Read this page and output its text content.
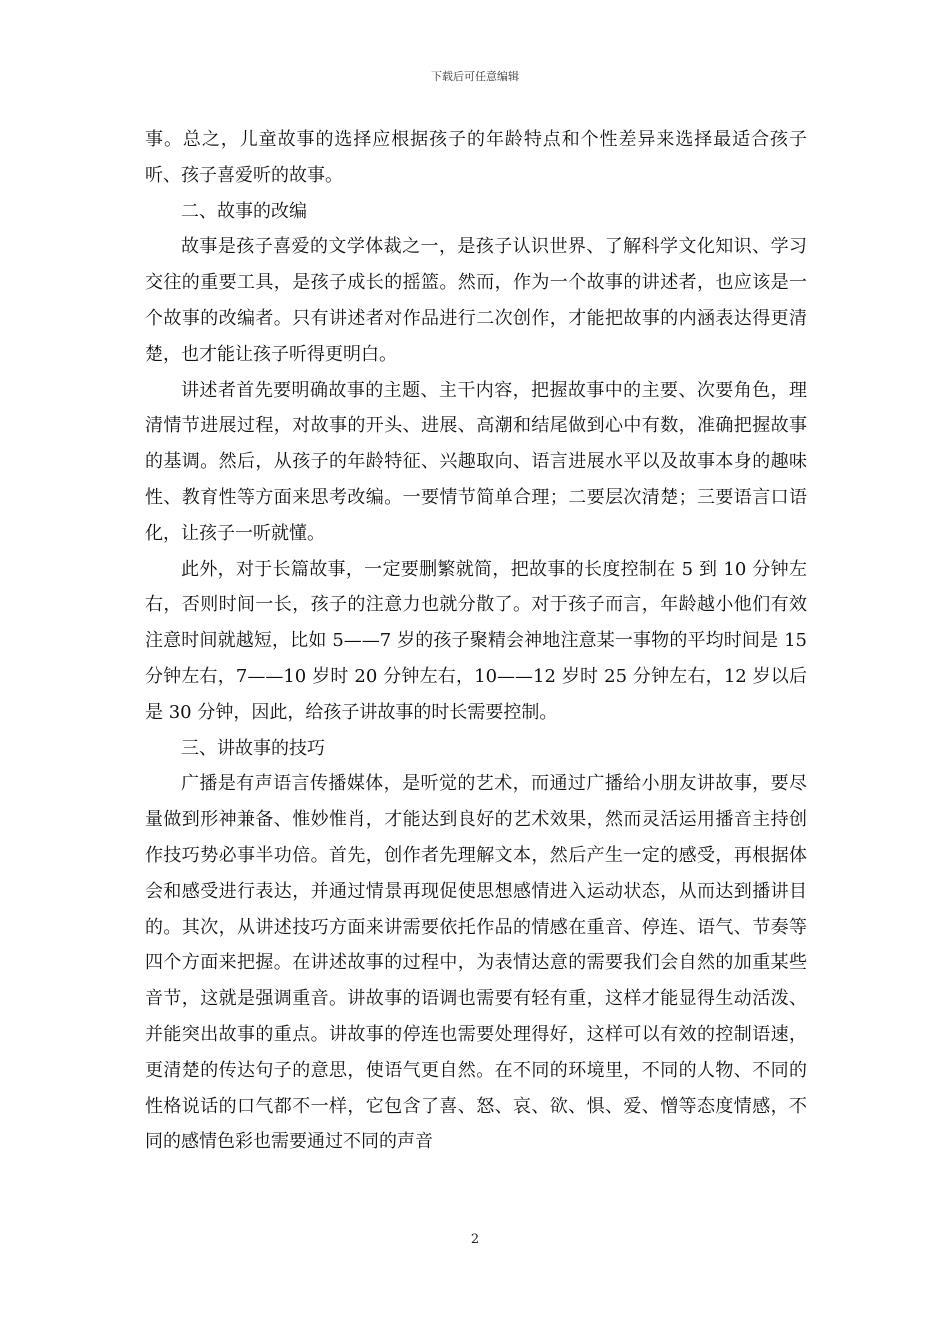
下载后可任意编辑

事。总之，儿童故事的选择应根据孩子的年龄特点和个性差异来选择最适合孩子听、孩子喜爱听的故事。

二、故事的改编

故事是孩子喜爱的文学体裁之一，是孩子认识世界、了解科学文化知识、学习交往的重要工具，是孩子成长的摇篮。然而，作为一个故事的讲述者，也应该是一个故事的改编者。只有讲述者对作品进行二次创作，才能把故事的内涵表达得更清楚，也才能让孩子听得更明白。

讲述者首先要明确故事的主题、主干内容，把握故事中的主要、次要角色，理清情节进展过程，对故事的开头、进展、高潮和结尾做到心中有数，准确把握故事的基调。然后，从孩子的年龄特征、兴趣取向、语言进展水平以及故事本身的趣味性、教育性等方面来思考改编。一要情节简单合理；二要层次清楚；三要语言口语化，让孩子一听就懂。

此外，对于长篇故事，一定要删繁就简，把故事的长度控制在 5 到 10 分钟左右，否则时间一长，孩子的注意力也就分散了。对于孩子而言，年龄越小他们有效注意时间就越短，比如 5——7 岁的孩子聚精会神地注意某一事物的平均时间是 15 分钟左右，7——10 岁时 20 分钟左右，10——12 岁时 25 分钟左右，12 岁以后是 30 分钟，因此，给孩子讲故事的时长需要控制。

三、讲故事的技巧

广播是有声语言传播媒体，是听觉的艺术，而通过广播给小朋友讲故事，要尽量做到形神兼备、惟妙惟肖，才能达到良好的艺术效果，然而灵活运用播音主持创作技巧势必事半功倍。首先，创作者先理解文本，然后产生一定的感受，再根据体会和感受进行表达，并通过情景再现促使思想感情进入运动状态，从而达到播讲目的。其次，从讲述技巧方面来讲需要依托作品的情感在重音、停连、语气、节奏等四个方面来把握。在讲述故事的过程中，为表情达意的需要我们会自然的加重某些音节，这就是强调重音。讲故事的语调也需要有轻有重，这样才能显得生动活泼、并能突出故事的重点。讲故事的停连也需要处理得好，这样可以有效的控制语速，更清楚的传达句子的意思，使语气更自然。在不同的环境里，不同的人物、不同的性格说话的口气都不一样，它包含了喜、怒、哀、欲、惧、爱、憎等态度情感，不同的感情色彩也需要通过不同的声音

2
